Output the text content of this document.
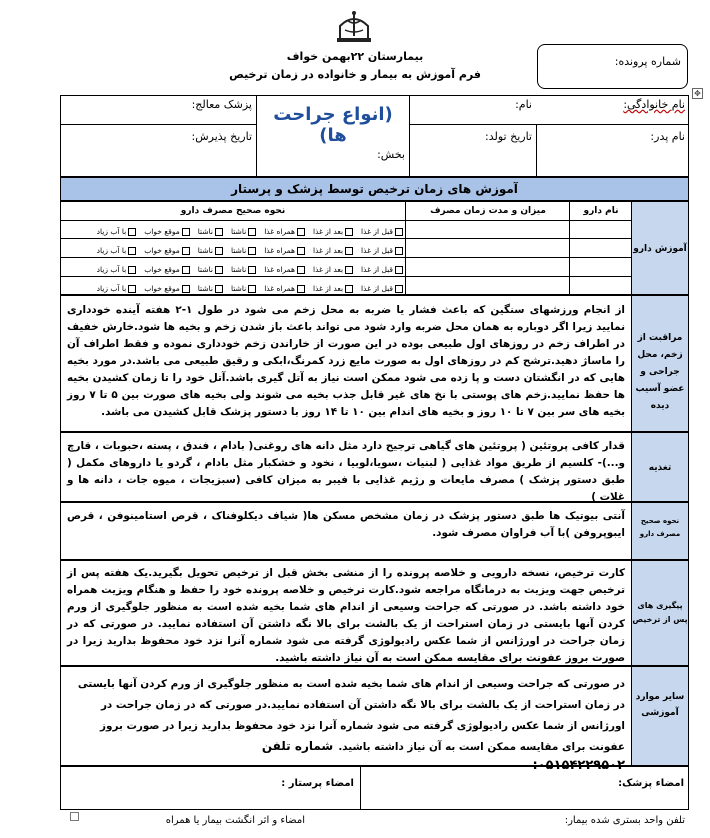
بیمارستان ۲۲بهمن خواف
فرم آموزش به بیمار و خانواده در زمان ترخیص
شماره پرونده:
✥
نام خانوادگی:
نام:
(انواع جراحت ها)
پزشک معالج:
نام پدر:
تاریخ تولد:
تاریخ پذیرش:
بخش:
آموزش های زمان ترخیص توسط پزشک و پرستار
آموزش دارو
نام دارو
میزان و مدت زمان مصرف
نحوه صحیح مصرف دارو
قبل از غذابعد از غذاهمراه غذاناشتاناشتاموقع خواببا آب زیاد
قبل از غذابعد از غذاهمراه غذاناشتاناشتاموقع خواببا آب زیاد
قبل از غذابعد از غذاهمراه غذاناشتاناشتاموقع خواببا آب زیاد
قبل از غذابعد از غذاهمراه غذاناشتاناشتاموقع خواببا آب زیاد
مراقبت از زخم، محل جراحی و عضو آسیب دیده
از انجام ورزشهای سنگین که باعث فشار یا ضربه به محل زخم می شود در طول ۱-۲ هفته آینده خودداری نمایید زیرا اگر دوباره به همان محل ضربه وارد شود می تواند باعث باز شدن زخم و بخیه ها شود.خارش خفیف در اطراف زخم در روزهای اول طبیعی بوده در این صورت از خاراندن زخم خودداری نموده و فقط اطراف آن را ماساژ دهید.ترشح کم در روزهای اول به صورت مایع زرد کمرنگ،ابکی و رقیق طبیعی می باشد.در مورد بخیه هایی که در انگشتان دست و پا زده می شود ممکن است نیاز به آتل گیری باشد.آتل خود را تا زمان کشیدن بخیه ها حفظ نمایید.زخم های پوستی با نخ های غیر قابل جذب بخیه می شوند ولی بخیه های صورت بین ۵ تا ۷ روز بخیه های سر بین ۷ تا ۱۰ روز و بخیه های اندام بین ۱۰ تا ۱۴ روز با دستور پزشک قابل کشیدن می باشد.
تغذیه
قدار کافی پروتئین ( پروتئین های گیاهی ترجیح دارد مثل دانه های روغنی( بادام ، فندق ، پسته ،حبوبات ، قارچ و...)- کلسیم از طریق مواد غذایی ( لبنیات ،سویا،لوبیا ، نخود و خشکبار مثل بادام ، گردو یا داروهای مکمل ( طبق دستور پزشک ) مصرف مایعات و رژیم غذایی با فیبر به میزان کافی (سبزیجات ، میوه جات ، دانه ها و غلات )
نحوه صحیح مصرف دارو
آنتی بیوتیک ها طبق دستور پزشک در زمان مشخص مسکن ها( شیاف دیکلوفناک ، قرص استامینوفن ، قرص ایبوپروفن )با آب فراوان مصرف شود.
پیگیری های پس از ترخیص
کارت ترخیص، نسخه دارویی و خلاصه پرونده را از منشی بخش قبل از ترخیص تحویل بگیرید.یک هفته پس از ترخیص جهت ویزیت به درمانگاه مراجعه شود.کارت ترخیص و خلاصه پرونده خود را حفظ و هنگام ویزیت همراه خود داشته باشد. در صورتی که جراحت وسیعی از اندام های شما بخیه شده است به منظور جلوگیری از ورم کردن آنها بایستی در زمان استراحت از یک بالشت برای بالا نگه داشتن آن استفاده نمایید. در صورتی که در زمان جراحت در اورژانس از شما عکس رادیولوژی گرفته می شود شماره آنرا نزد خود محفوظ بدارید زیرا در صورت بروز عفونت برای مقایسه ممکن است به آن نیاز داشته باشید.
سایر موارد آموزشی
در صورتی که جراحت وسیعی از اندام های شما بخیه شده است به منظور جلوگیری از ورم کردن آنها بایستی در زمان استراحت از یک بالشت برای بالا نگه داشتن آن استفاده نمایید.در صورتی که در زمان جراحت در اورژانس از شما عکس رادیولوژی گرفته می شود شماره آنرا نزد خود محفوظ بدارید زیرا در صورت بروز عفونت برای مقایسه ممکن است به آن نیاز داشته باشید. شماره تلفن
۰۵۱۵۴۲۲۹۵۰۲:
امضاء پزشک:
امضاء پرستار :
تلفن واحد بستری شده بیمار:
امضاء و اثر انگشت بیمار یا همراه
